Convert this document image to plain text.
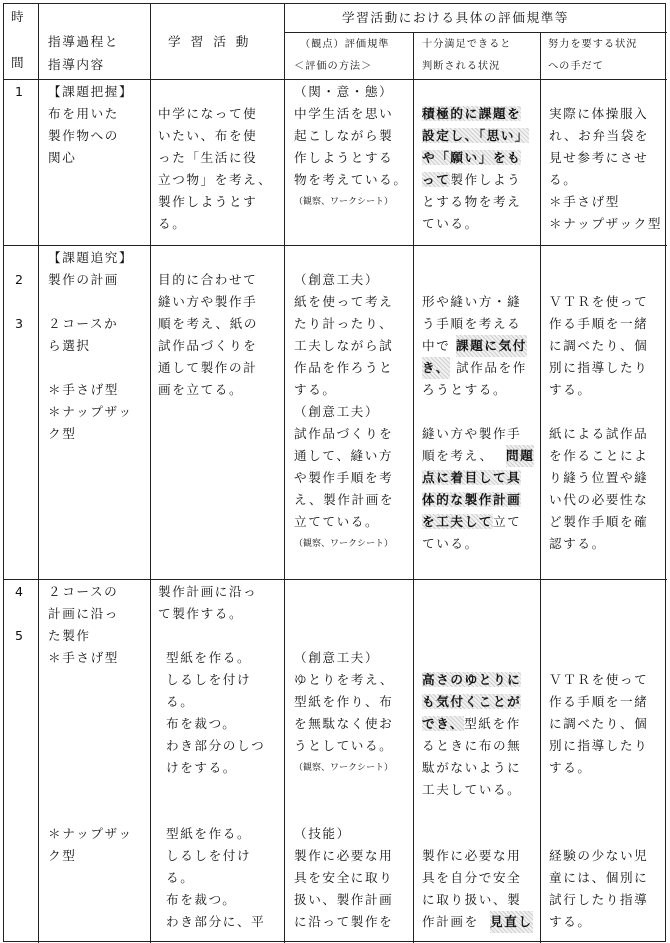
時
間
指導過程と
指導内容
学 習 活 動
学習活動における具体の評価規準等
（観点）評価規準
＜評価の方法＞
十分満足できると
判断される状況
努力を要する状況
への手だて
1 【課題把握】
布を用いた
製作物への
関心
中学になって使
いたい、布を使
った「生活に役
立つ物」を考え、
製作しようとす
る。
（関・意・態）
中学生活を思い
起こしながら製
作しようとする
物を考えている。
（観察、ワークシート）
実際に体操服入
れ、お弁当袋を
見せ参考にさせ
る。
＊手さげ型
＊ナップザック型
積極的に課題を
設定し、「思い」
や「願い」をも
って製作しよう
とする物を考え
ている。
2
3
【課題追究】
製作の計画
２コースか
ら選択
＊手さげ型
＊ナップザッ
ク型
目的に合わせて
縫い方や製作手
順を考え、紙の
試作品づくりを
通して製作の計
画を立てる。
（創意工夫）
紙を使って考え
たり計ったり、
工夫しながら試
作品を作ろうと
する。
（創意工夫）
試作品づくりを
通して、縫い方
や製作手順を考
え、製作計画を
立てている。
（観察、ワークシート）
ＶＴＲを使って
作る手順を一緒
に調べたり、個
別に指導したり
する。
紙による試作品
を作ることによ
り縫う位置や縫
い代の必要性な
ど製作手順を確
認する。
形や縫い方・縫
う手順を考える
中で
ろうとする。
縫い方や製作手
順を考え、
点に着目して具
体的な製作計画
を工夫して立て
ている。
4
5
２コースの
計画に沿っ
た製作
＊手さげ型
＊ナップザッ
ク型
製作計画に沿っ
て製作する。
型紙を作る。
しるしを付け
る。
布を裁つ。
わき部分のしつ
けをする。
型紙を作る。
しるしを付け
る。
布を裁つ。
わき部分に、平
（創意工夫）
ゆとりを考え、
型紙を作り、布
を無駄なく使お
うとしている。
（観察、ワークシート）
（技能）
製作に必要な用
具を安全に取り
扱い、製作計画
に沿って製作を
ＶＴＲを使って
作る手順を一緒
に調べたり、個
別に指導したり
する。
経験の少ない児
童には、個別に
試行したり指導
する。
高さのゆとりに
も気付くことが
でき、型紙を作
るときに布の無
駄がないように
工夫している。
製作に必要な用
具を自分で安全
に取り扱い、製
作計画を
課題に気付
き、 試作品を作
問題
見直し
